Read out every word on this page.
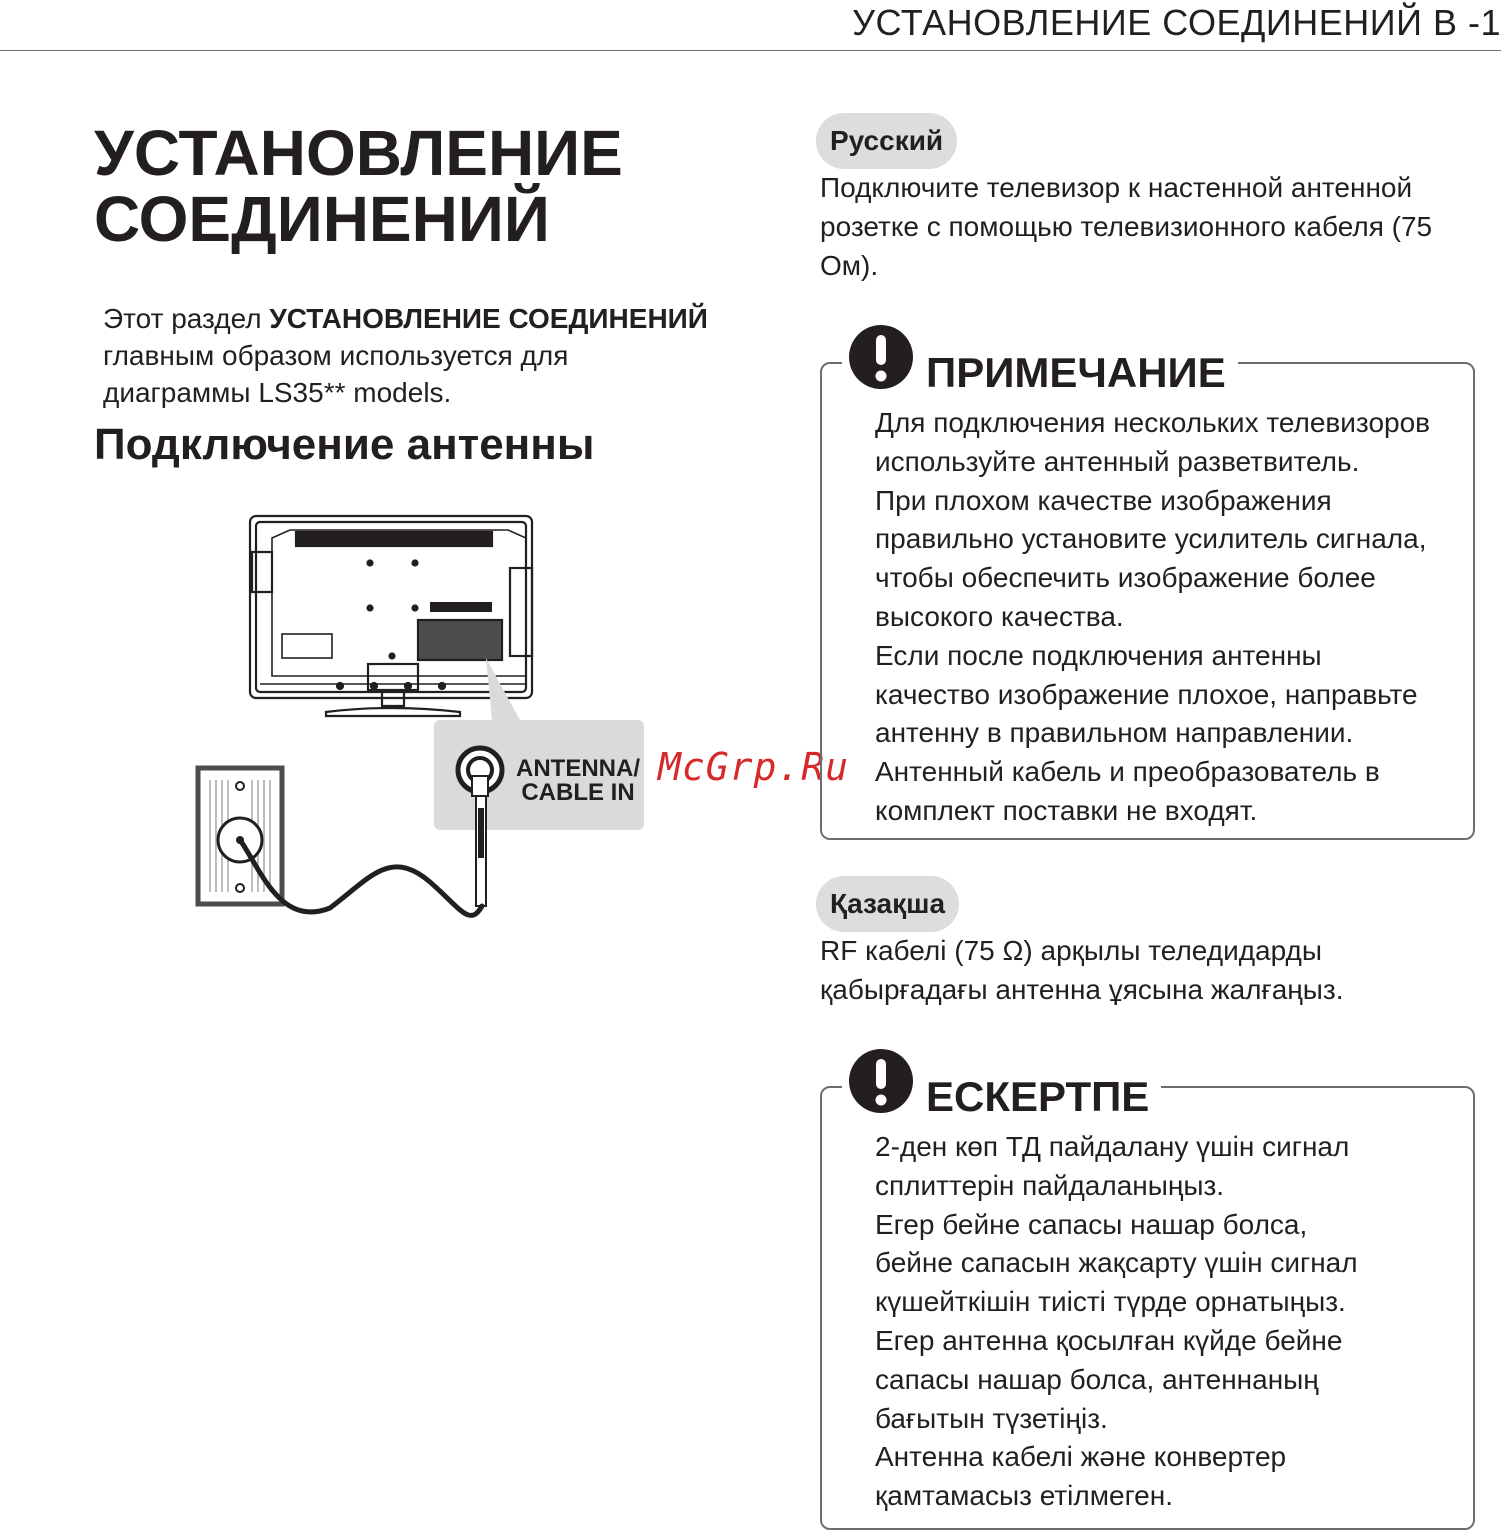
УСТАНОВЛЕНИЕ СОЕДИНЕНИЙ В -1
УСТАНОВЛЕНИЕ
СОЕДИНЕНИЙ

Этот раздел УСТАНОВЛЕНИЕ СОЕДИНЕНИЙ
главным образом используется для
диаграммы LS35** models.

Подключение антенны
ANTENNA/
CABLE IN
McGrp.Ru
Русский

Подключите телевизор к настенной антенной розетке с помощью телевизионного кабеля (75 Ом).

ПРИМЕЧАНИЕ
Для подключения нескольких телевизоров
используйте антенный разветвитель.
При плохом качестве изображения
правильно установите усилитель сигнала,
чтобы обеспечить изображение более
высокого качества.
Если после подключения антенны
качество изображение плохое, направьте
антенну в правильном направлении.
Антенный кабель и преобразователь в
комплект поставки не входят.
Қазақша

RF кабелі (75 Ω) арқылы теледидарды
қабырғадағы антенна ұясына жалғаңыз.

ЕСКЕРТПЕ
2-ден көп ТД пайдалану үшін сигнал
сплиттерін пайдаланыңыз.
Егер бейне сапасы нашар болса,
бейне сапасын жақсарту үшін сигнал
күшейткішін тиісті түрде орнатыңыз.
Егер антенна қосылған күйде бейне
сапасы нашар болса, антеннаның
бағытын түзетіңіз.
Антенна кабелі және конвертер
қамтамасыз етілмеген.
